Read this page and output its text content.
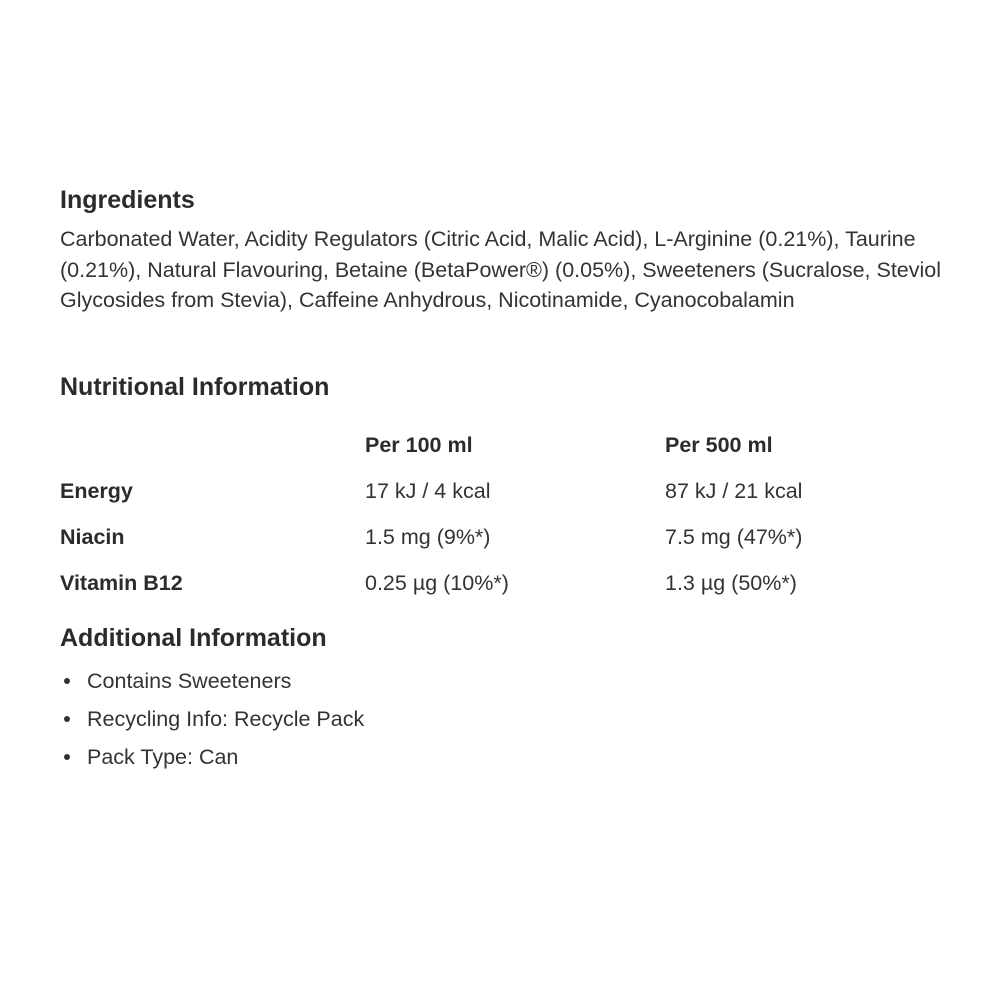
Ingredients

Carbonated Water, Acidity Regulators (Citric Acid, Malic Acid), L-Arginine (0.21%), Taurine (0.21%), Natural Flavouring, Betaine (BetaPower®) (0.05%), Sweeteners (Sucralose, Steviol Glycosides from Stevia), Caffeine Anhydrous, Nicotinamide, Cyanocobalamin

Nutritional Information
	Per 100 ml	Per 500 ml
Energy	17 kJ / 4 kcal	87 kJ / 21 kcal
Niacin	1.5 mg (9%*)	7.5 mg (47%*)
Vitamin B12	0.25 µg (10%*)	1.3 µg (50%*)
Additional Information
Contains Sweeteners
Recycling Info: Recycle Pack
Pack Type: Can
